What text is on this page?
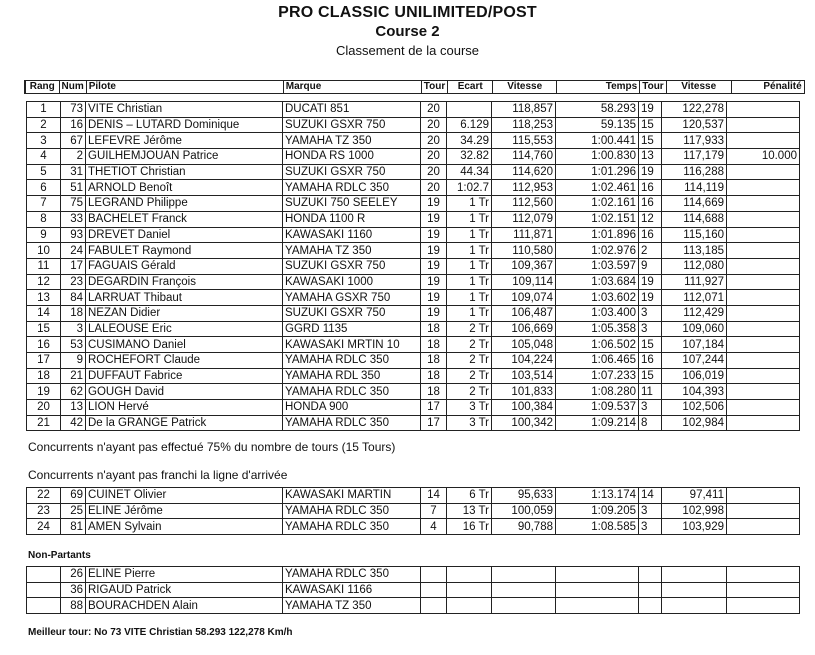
PRO CLASSIC UNILIMITED/POST
Course 2
Classement de la course
Rang	Num	Pilote	Marque	Tour	Ecart	Vitesse	Temps	Tour	Vitesse	Pénalité
1	73	VITE Christian	DUCATI 851	20		118,857	58.293	19	122,278	
2	16	DENIS – LUTARD Dominique	SUZUKI GSXR 750	20	6.129	118,253	59.135	15	120,537	
3	67	LEFEVRE Jérôme	YAMAHA TZ 350	20	34.29	115,553	1:00.441	15	117,933	
4	2	GUILHEMJOUAN Patrice	HONDA RS 1000	20	32.82	114,760	1:00.830	13	117,179	10.000
5	31	THETIOT Christian	SUZUKI GSXR 750	20	44.34	114,620	1:01.296	19	116,288	
6	51	ARNOLD Benoît	YAMAHA RDLC 350	20	1:02.7	112,953	1:02.461	16	114,119	
7	75	LEGRAND Philippe	SUZUKI 750 SEELEY	19	1 Tr	112,560	1:02.161	16	114,669	
8	33	BACHELET Franck	HONDA 1100 R	19	1 Tr	112,079	1:02.151	12	114,688	
9	93	DREVET Daniel	KAWASAKI 1160	19	1 Tr	111,871	1:01.896	16	115,160	
10	24	FABULET Raymond	YAMAHA TZ 350	19	1 Tr	110,580	1:02.976	2	113,185	
11	17	FAGUAIS Gérald	SUZUKI GSXR 750	19	1 Tr	109,367	1:03.597	9	112,080	
12	23	DEGARDIN François	KAWASAKI 1000	19	1 Tr	109,114	1:03.684	19	111,927	
13	84	LARRUAT Thibaut	YAMAHA GSXR 750	19	1 Tr	109,074	1:03.602	19	112,071	
14	18	NEZAN Didier	SUZUKI GSXR 750	19	1 Tr	106,487	1:03.400	3	112,429	
15	3	LALEOUSE Eric	GGRD 1135	18	2 Tr	106,669	1:05.358	3	109,060	
16	53	CUSIMANO Daniel	KAWASAKI MRTIN 10	18	2 Tr	105,048	1:06.502	15	107,184	
17	9	ROCHEFORT Claude	YAMAHA RDLC 350	18	2 Tr	104,224	1:06.465	16	107,244	
18	21	DUFFAUT Fabrice	YAMAHA RDL 350	18	2 Tr	103,514	1:07.233	15	106,019	
19	62	GOUGH David	YAMAHA RDLC 350	18	2 Tr	101,833	1:08.280	11	104,393	
20	13	LION Hervé	HONDA 900	17	3 Tr	100,384	1:09.537	3	102,506	
21	42	De la GRANGE Patrick	YAMAHA RDLC 350	17	3 Tr	100,342	1:09.214	8	102,984	
Concurrents n'ayant pas effectué 75% du nombre de tours (15 Tours)
Concurrents n'ayant pas franchi la ligne d'arrivée
22	69	CUINET Olivier	KAWASAKI MARTIN	14	6 Tr	95,633	1:13.174	14	97,411	
23	25	ELINE Jérôme	YAMAHA RDLC 350	7	13 Tr	100,059	1:09.205	3	102,998	
24	81	AMEN Sylvain	YAMAHA RDLC 350	4	16 Tr	90,788	1:08.585	3	103,929	
Non-Partants
	26	ELINE Pierre	YAMAHA RDLC 350							
	36	RIGAUD Patrick	KAWASAKI 1166							
	88	BOURACHDEN Alain	YAMAHA TZ 350							
Meilleur tour: No 73 VITE Christian 58.293 122,278 Km/h
